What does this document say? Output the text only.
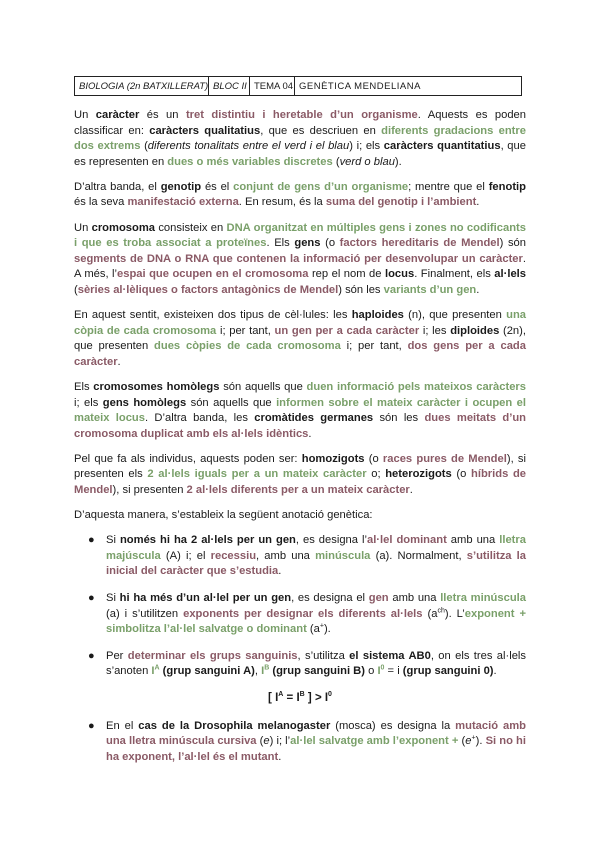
BIOLOGIA (2n BATXILLERAT) BLOC II TEMA 04 GENÈTICA MENDELIANA

Un caràcter és un tret distintiu i heretable d’un organisme. Aquests es poden classificar en: caràcters qualitatius, que es descriuen en diferents gradacions entre dos extrems (diferents tonalitats entre el verd i el blau) i; els caràcters quantitatius, que es representen en dues o més variables discretes (verd o blau).

D’altra banda, el genotip és el conjunt de gens d’un organisme; mentre que el fenotip és la seva manifestació externa. En resum, és la suma del genotip i l’ambient.

Un cromosoma consisteix en DNA organitzat en múltiples gens i zones no codificants i que es troba associat a proteïnes. Els gens (o factors hereditaris de Mendel) són segments de DNA o RNA que contenen la informació per desenvolupar un caràcter. A més, l’espai que ocupen en el cromosoma rep el nom de locus. Finalment, els al·lels (sèries al·lèliques o factors antagònics de Mendel) són les variants d’un gen.

En aquest sentit, existeixen dos tipus de cèl·lules: les haploides (n), que presenten una còpia de cada cromosoma i; per tant, un gen per a cada caràcter i; les diploides (2n), que presenten dues còpies de cada cromosoma i; per tant, dos gens per a cada caràcter.

Els cromosomes homòlegs són aquells que duen informació pels mateixos caràcters i; els gens homòlegs són aquells que informen sobre el mateix caràcter i ocupen el mateix locus. D’altra banda, les cromàtides germanes són les dues meitats d’un cromosoma duplicat amb els al·lels idèntics.

Pel que fa als individus, aquests poden ser: homozigots (o races pures de Mendel), si presenten els 2 al·lels iguals per a un mateix caràcter o; heterozigots (o híbrids de Mendel), si presenten 2 al·lels diferents per a un mateix caràcter.

D’aquesta manera, s’estableix la següent anotació genètica:

● Si només hi ha 2 al·lels per un gen, es designa l’al·lel dominant amb una lletra majúscula (A) i; el recessiu, amb una minúscula (a). Normalment, s’utilitza la inicial del caràcter que s’estudia.
● Si hi ha més d’un al·lel per un gen, es designa el gen amb una lletra minúscula (a) i s’utilitzen exponents per designar els diferents al·lels $(a^{ch})$. L’exponent + simbolitza l’al·lel salvatge o dominant (a+).
● Per determinar els grups sanguinis, s’utilitza el sistema AB0, on els tres al·lels s’anoten $I^A$ (grup sanguini A), $I^B$ (grup sanguini B) o $I^0 = i$ (grup sanguini 0).
[ $I^A = I^B$ ] > $I^0$
● En el cas de la Drosophila melanogaster (mosca) es designa la mutació amb una lletra minúscula cursiva (e) i; l’al·lel salvatge amb l’exponent + (e+). Si no hi ha exponent, l’al·lel és el mutant.
